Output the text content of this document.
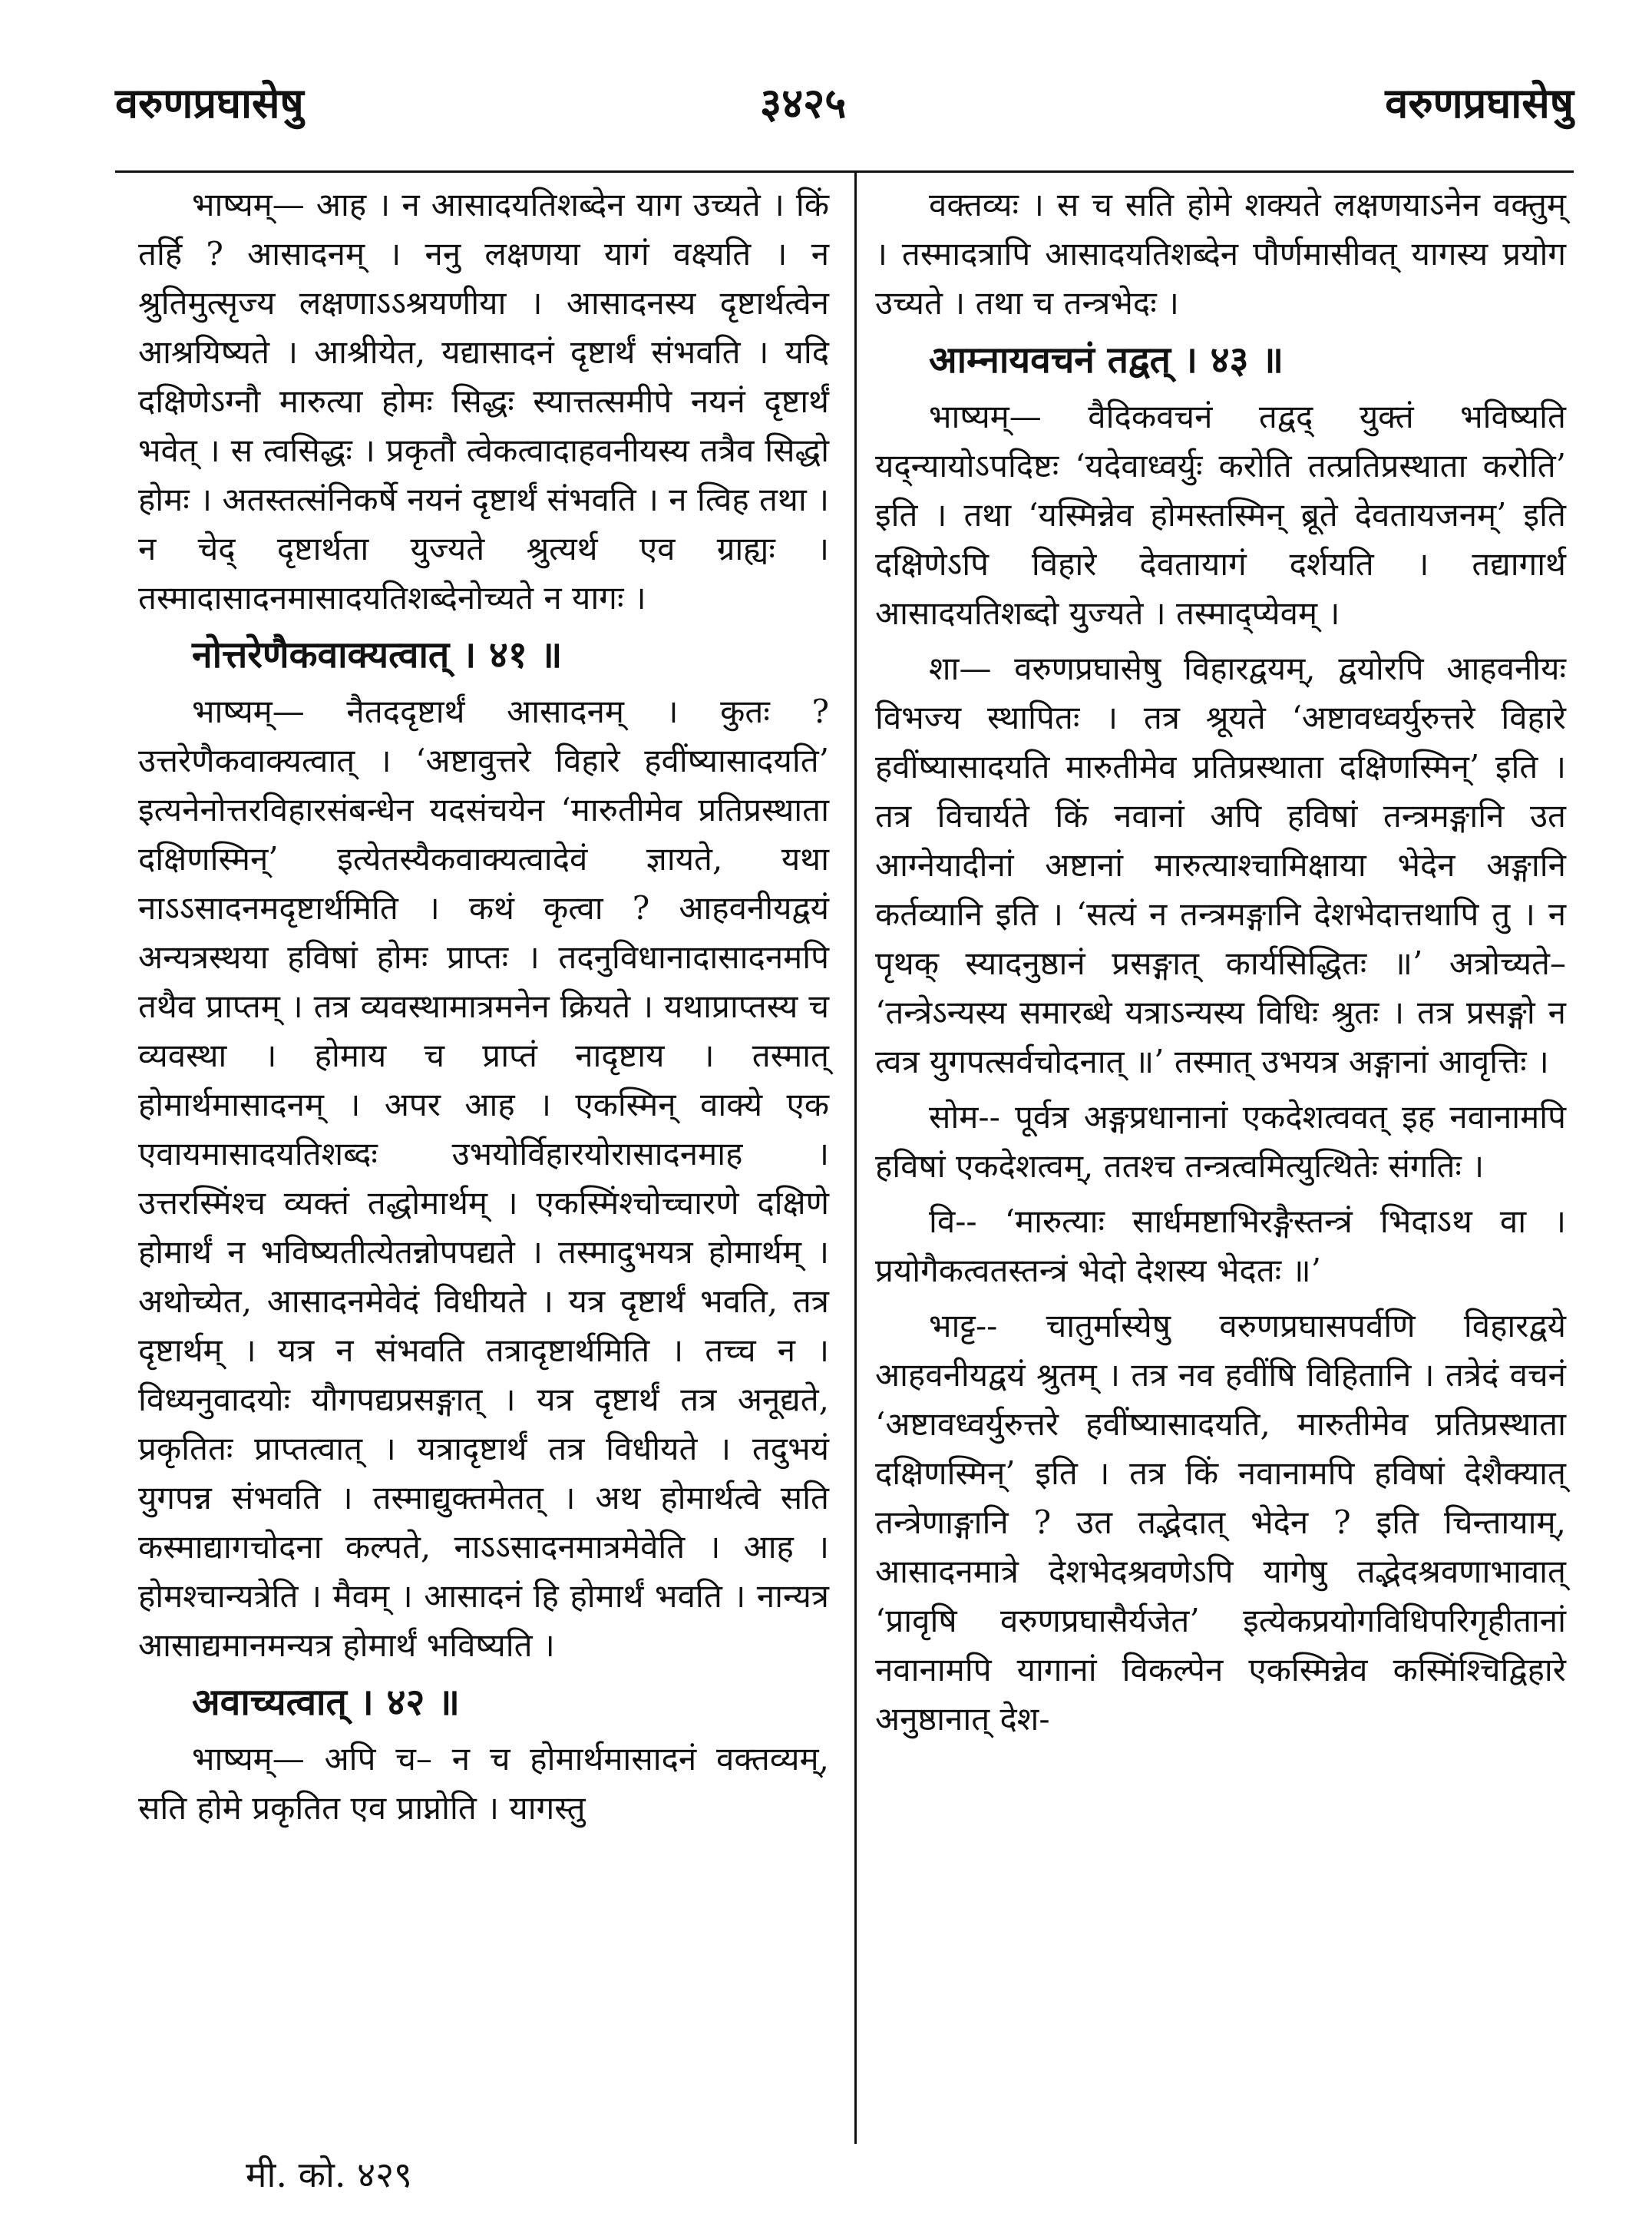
वरुणप्रघासेषु	३४२५	वरुणप्रघासेषु

भाष्यम्— आह । न आसादयतिशब्देन याग उच्यते । किं तर्हि ? आसादनम् । ननु लक्षणया यागं वक्ष्यति । न श्रुतिमुत्सृज्य लक्षणाऽऽश्रयणीया । आसादनस्य दृष्टार्थत्वेन आश्रयिष्यते । आश्रीयेत, यद्यासादनं दृष्टार्थं संभवति । यदि दक्षिणेऽग्नौ मारुत्या होमः सिद्धः स्यात्तत्समीपे नयनं दृष्टार्थं भवेत् । स त्वसिद्धः । प्रकृतौ त्वेकत्वादाहवनीयस्य तत्रैव सिद्धो होमः । अतस्तत्संनिकर्षे नयनं दृष्टार्थं संभवति । न त्विह तथा । न चेद् दृष्टार्थता युज्यते श्रुत्यर्थ एव ग्राह्यः । तस्मादासादनमासादयतिशब्देनोच्यते न यागः ।

नोत्तरेणैकवाक्यत्वात् । ४१ ॥

भाष्यम्— नैतददृष्टार्थं आसादनम् । कुतः ? उत्तरेणैकवाक्यत्वात् । ‘अष्टावुत्तरे विहारे हवींष्यासादयति’ इत्यनेनोत्तरविहारसंबन्धेन यदसंचयेन ‘मारुतीमेव प्रतिप्रस्थाता दक्षिणस्मिन्’ इत्येतस्यैकवाक्यत्वादेवं ज्ञायते, यथा नाऽऽसादनमदृष्टार्थमिति । कथं कृत्वा ? आहवनीयद्वयं अन्यत्रस्थया हविषां होमः प्राप्तः । तदनुविधानादासादनमपि तथैव प्राप्तम् । तत्र व्यवस्थामात्रमनेन क्रियते । यथाप्राप्तस्य च व्यवस्था । होमाय च प्राप्तं नादृष्टाय । तस्मात् होमार्थमासादनम् । अपर आह । एकस्मिन् वाक्ये एक एवायमासादयतिशब्दः उभयोर्विहारयोरासादनमाह । उत्तरस्मिंश्च व्यक्तं तद्धोमार्थम् । एकस्मिंश्चोच्चारणे दक्षिणे होमार्थं न भविष्यतीत्येतन्नोपपद्यते । तस्मादुभयत्र होमार्थम् । अथोच्येत, आसादनमेवेदं विधीयते । यत्र दृष्टार्थं भवति, तत्र दृष्टार्थम् । यत्र न संभवति तत्रादृष्टार्थमिति । तच्च न । विध्यनुवादयोः यौगपद्यप्रसङ्गात् । यत्र दृष्टार्थं तत्र अनूद्यते, प्रकृतितः प्राप्तत्वात् । यत्रादृष्टार्थं तत्र विधीयते । तदुभयं युगपन्न संभवति । तस्माद्युक्तमेतत् । अथ होमार्थत्वे सति कस्माद्यागचोदना कल्पते, नाऽऽसादनमात्रमेवेति । आह । होमश्चान्यत्रेति । मैवम् । आसादनं हि होमार्थं भवति । नान्यत्र आसाद्यमानमन्यत्र होमार्थं भविष्यति ।

अवाच्यत्वात् । ४२ ॥

भाष्यम्— अपि च– न च होमार्थमासादनं वक्तव्यम्, सति होमे प्रकृतित एव प्राप्नोति । यागस्तु

वक्तव्यः । स च सति होमे शक्यते लक्षणयाऽनेन वक्तुम् । तस्मादत्रापि आसादयतिशब्देन पौर्णमासीवत् यागस्य प्रयोग उच्यते । तथा च तन्त्रभेदः ।

आम्नायवचनं तद्वत् । ४३ ॥

भाष्यम्— वैदिकवचनं तद्वद् युक्तं भविष्यति यद्न्यायोऽपदिष्टः ‘यदेवाध्वर्युः करोति तत्प्रतिप्रस्थाता करोति’ इति । तथा ‘यस्मिन्नेव होमस्तस्मिन् ब्रूते देवतायजनम्’ इति दक्षिणेऽपि विहारे देवतायागं दर्शयति । तद्यागार्थ आसादयतिशब्दो युज्यते । तस्माद्प्येवम् ।

शा— वरुणप्रघासेषु विहारद्वयम्, द्वयोरपि आहवनीयः विभज्य स्थापितः । तत्र श्रूयते ‘अष्टावध्वर्युरुत्तरे विहारे हवींष्यासादयति मारुतीमेव प्रतिप्रस्थाता दक्षिणस्मिन्’ इति । तत्र विचार्यते किं नवानां अपि हविषां तन्त्रमङ्गानि उत आग्नेयादीनां अष्टानां मारुत्याश्चामिक्षाया भेदेन अङ्गानि कर्तव्यानि इति । ‘सत्यं न तन्त्रमङ्गानि देशभेदात्तथापि तु । न पृथक् स्यादनुष्ठानं प्रसङ्गात् कार्यसिद्धितः ॥’ अत्रोच्यते– ‘तन्त्रेऽन्यस्य समारब्धे यत्राऽन्यस्य विधिः श्रुतः । तत्र प्रसङ्गो न त्वत्र युगपत्सर्वचोदनात् ॥’ तस्मात् उभयत्र अङ्गानां आवृत्तिः ।

सोम-- पूर्वत्र अङ्गप्रधानानां एकदेशत्ववत् इह नवानामपि हविषां एकदेशत्वम्, ततश्च तन्त्रत्वमित्युत्थितेः संगतिः ।

वि-- ‘मारुत्याः सार्धमष्टाभिरङ्गैस्तन्त्रं भिदाऽथ वा । प्रयोगैकत्वतस्तन्त्रं भेदो देशस्य भेदतः ॥’

भाट्ट-- चातुर्मास्येषु वरुणप्रघासपर्वणि विहारद्वये आहवनीयद्वयं श्रुतम् । तत्र नव हवींषि विहितानि । तत्रेदं वचनं ‘अष्टावध्वर्युरुत्तरे हवींष्यासादयति, मारुतीमेव प्रतिप्रस्थाता दक्षिणस्मिन्’ इति । तत्र किं नवानामपि हविषां देशैक्यात् तन्त्रेणाङ्गानि ? उत तद्भेदात् भेदेन ? इति चिन्तायाम्, आसादनमात्रे देशभेदश्रवणेऽपि यागेषु तद्भेदश्रवणाभावात् ‘प्रावृषि वरुणप्रघासैर्यजेत’ इत्येकप्रयोगविधिपरिगृहीतानां नवानामपि यागानां विकल्पेन एकस्मिन्नेव कस्मिंश्चिद्विहारे अनुष्ठानात् देश-

मी. को. ४२९
